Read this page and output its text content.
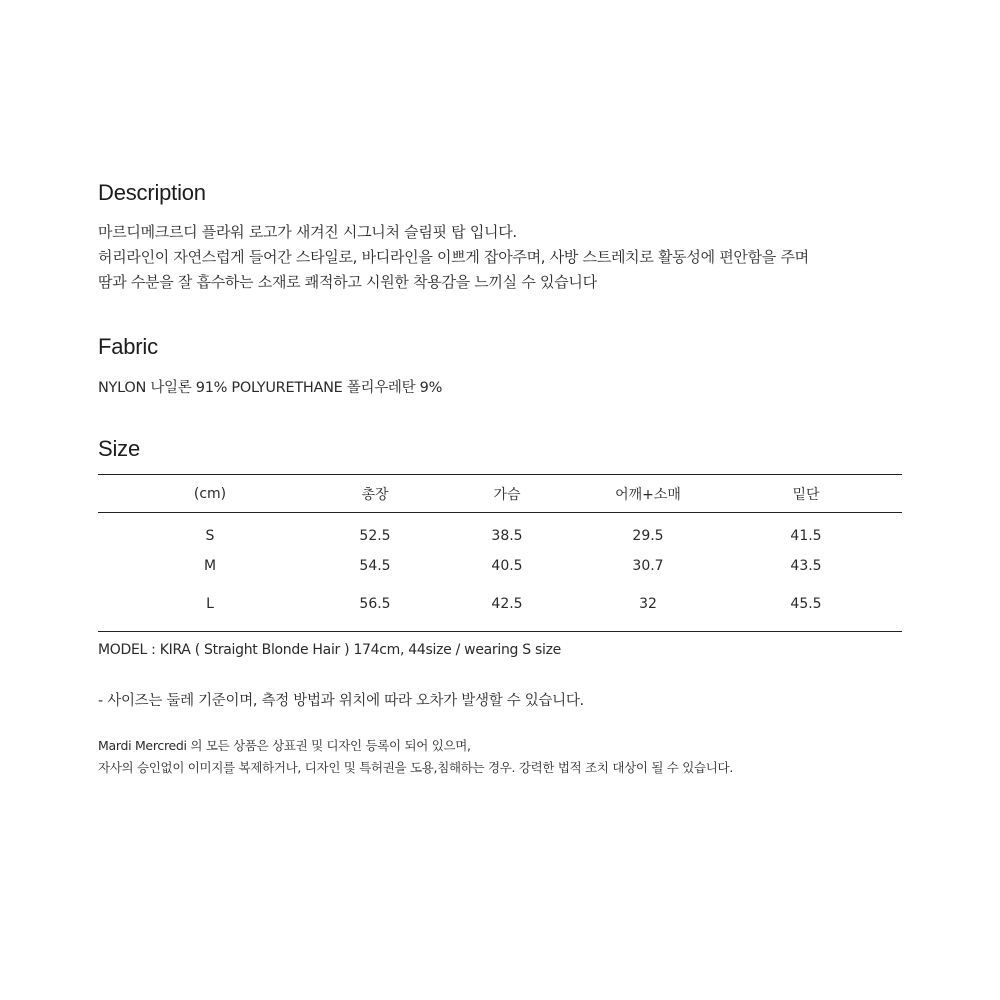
Description

마르디메크르디 플라워 로고가 새겨진 시그니처 슬림핏 탑 입니다.

허리라인이 자연스럽게 들어간 스타일로, 바디라인을 이쁘게 잡아주며, 사방 스트레치로 활동성에 편안함을 주며

땀과 수분을 잘 흡수하는 소재로 쾌적하고 시원한 착용감을 느끼실 수 있습니다

Fabric

NYLON 나일론 91% POLYURETHANE 폴리우레탄 9%

Size
(cm)	총장	가슴	어깨+소매	밑단
S	52.5	38.5	29.5	41.5
M	54.5	40.5	30.7	43.5
L	56.5	42.5	32	45.5

MODEL : KIRA ( Straight Blonde Hair ) 174cm, 44size / wearing S size

- 사이즈는 둘레 기준이며, 측정 방법과 위치에 따라 오차가 발생할 수 있습니다.

Mardi Mercredi 의 모든 상품은 상표권 및 디자인 등록이 되어 있으며,

자사의 승인없이 이미지를 복제하거나, 디자인 및 특허권을 도용,침해하는 경우. 강력한 법적 조치 대상이 될 수 있습니다.
